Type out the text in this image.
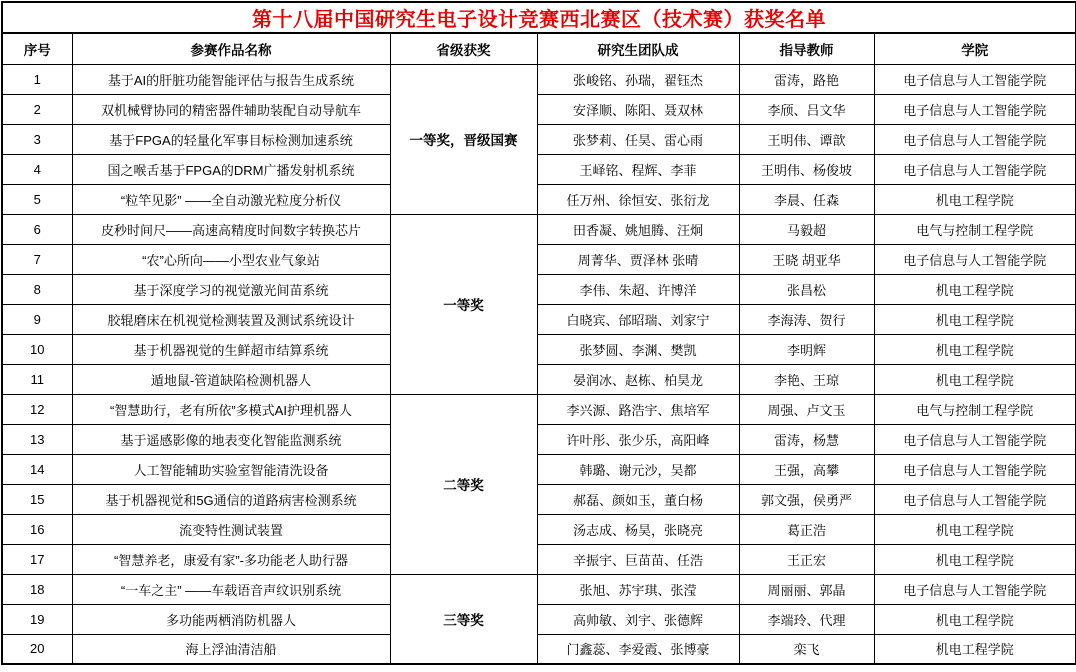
第十八届中国研究生电子设计竞赛西北赛区（技术赛）获奖名单					
序号	参赛作品名称	省级获奖	研究生团队成	指导教师	学院
1	基于AI的肝脏功能智能评估与报告生成系统	一等奖，晋级国赛	张峻铭、孙瑞，翟钰杰	雷涛，路艳	电子信息与人工智能学院
2	双机械臂协同的精密器件辅助装配自动导航车		安泽顺、陈阳、聂双林	李颀、吕文华	电子信息与人工智能学院
3	基于FPGA的轻量化军事目标检测加速系统		张梦莉、任昊、雷心雨	王明伟、谭歆	电子信息与人工智能学院
4	国之喉舌基于FPGA的DRM广播发射机系统		王峄铭、程辉、李菲	王明伟、杨俊坡	电子信息与人工智能学院
5	“粒竿见影” ——全自动激光粒度分析仪		任万州、徐恒安、张衍龙	李晨、任森	机电工程学院
6	皮秒时间尺——高速高精度时间数字转换芯片	一等奖	田香凝、姚旭腾、汪炯	马毅超	电气与控制工程学院
7	“农”心所向——小型农业气象站		周菁华、贾泽林 张晴	王晓 胡亚华	电子信息与人工智能学院
8	基于深度学习的视觉激光间苗系统		李伟、朱超、许博洋	张昌松	机电工程学院
9	胶辊磨床在机视觉检测装置及测试系统设计		白晓宾、邰昭瑞、刘家宁	李海涛、贺行	机电工程学院
10	基于机器视觉的生鲜超市结算系统		张梦圆、李渊、樊凯	李明辉	机电工程学院
11	遁地鼠-管道缺陷检测机器人		晏润冰、赵栋、柏昊龙	李艳、王琼	机电工程学院
12	“智慧助行，老有所依”多模式AI护理机器人	二等奖	李兴源、路浩宇、焦培军	周强、卢文玉	电气与控制工程学院
13	基于遥感影像的地表变化智能监测系统		许叶彤、张少乐，高阳峰	雷涛，杨慧	电子信息与人工智能学院
14	人工智能辅助实验室智能清洗设备		韩璐、谢元沙，吴都	王强，高攀	电子信息与人工智能学院
15	基于机器视觉和5G通信的道路病害检测系统		郝磊、颜如玉，董白杨	郭文强，侯勇严	电子信息与人工智能学院
16	流变特性测试装置		汤志成、杨昊，张晓亮	葛正浩	机电工程学院
17	“智慧养老，康爱有家”-多功能老人助行器		辛振宇、巨苗苗、任浩	王正宏	机电工程学院
18	“一车之主” ——车载语音声纹识别系统	三等奖	张旭、苏宇琪、张滢	周丽丽、郭晶	电子信息与人工智能学院
19	多功能两栖消防机器人		高帅敏、刘宇、张德辉	李端玲、代理	机电工程学院
20	海上浮油清洁船		门鑫蕊、李爱霞、张博豪	栾飞	机电工程学院
